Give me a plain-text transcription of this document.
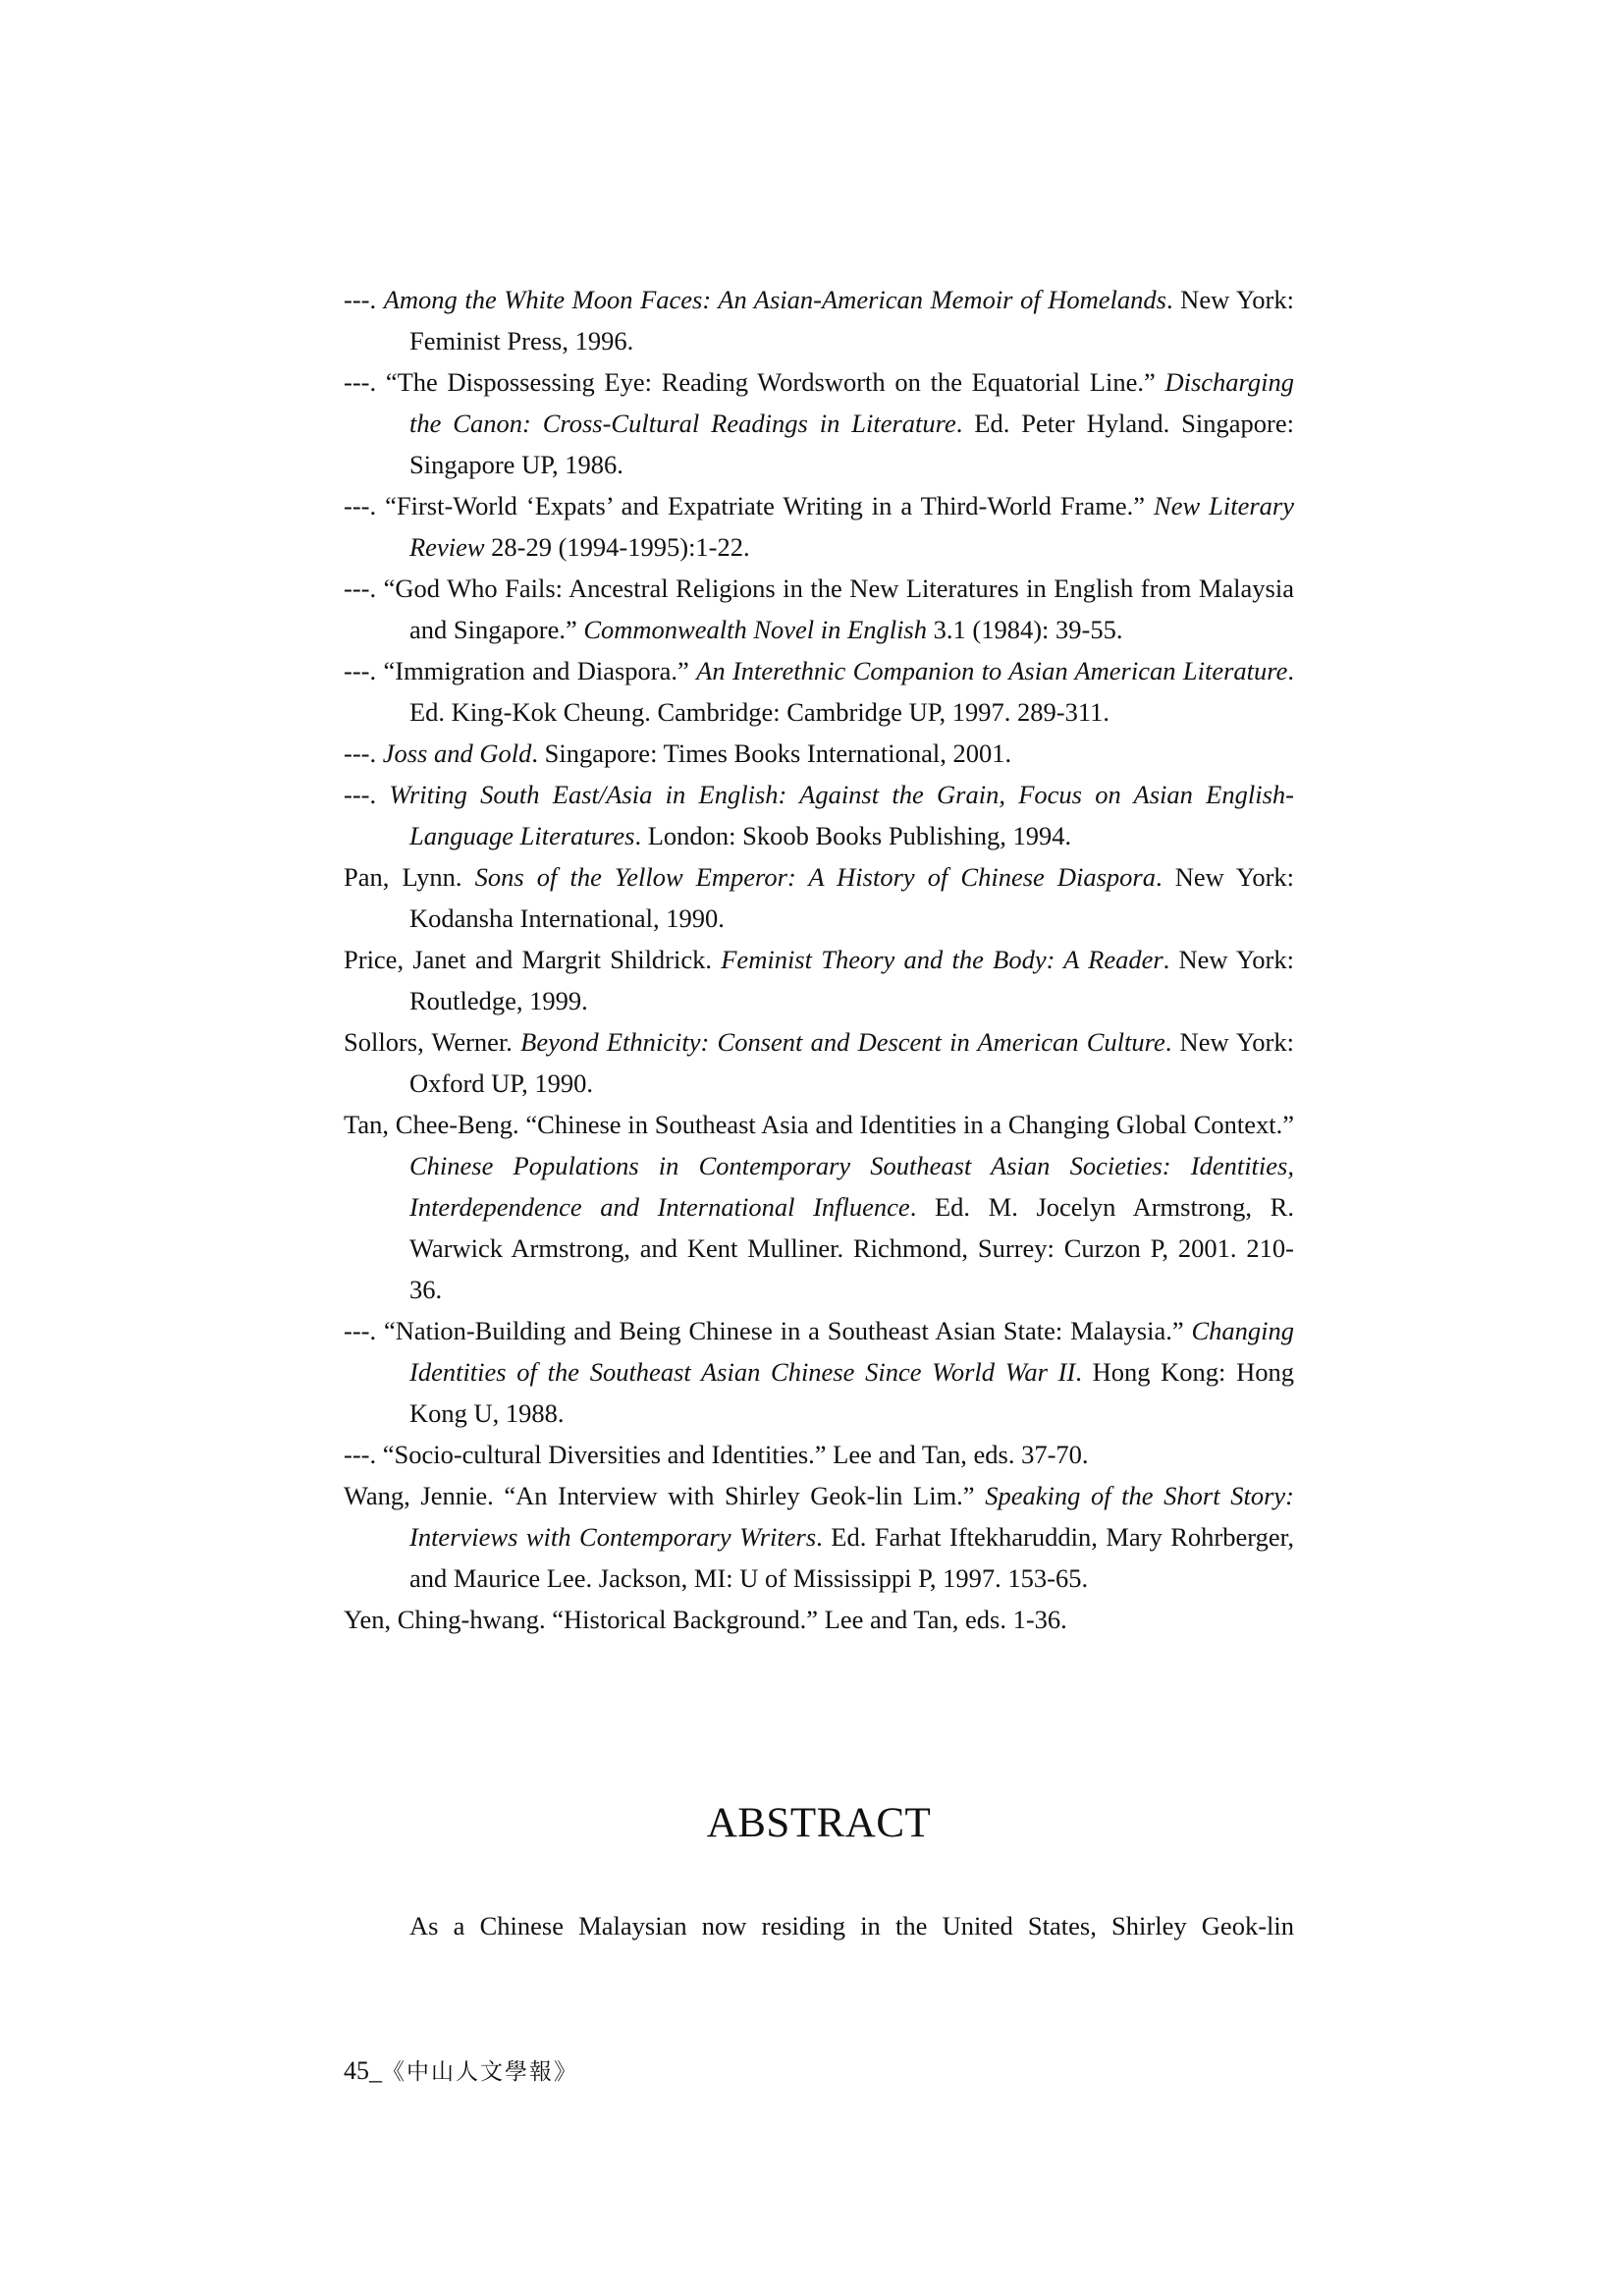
---. Among the White Moon Faces: An Asian-American Memoir of Homelands. New York: Feminist Press, 1996.
---. “The Dispossessing Eye: Reading Wordsworth on the Equatorial Line.” Discharging the Canon: Cross-Cultural Readings in Literature. Ed. Peter Hyland. Singapore: Singapore UP, 1986.
---. “First-World ‘Expats’ and Expatriate Writing in a Third-World Frame.” New Literary Review 28-29 (1994-1995):1-22.
---. “God Who Fails: Ancestral Religions in the New Literatures in English from Malaysia and Singapore.” Commonwealth Novel in English 3.1 (1984): 39-55.
---. “Immigration and Diaspora.” An Interethnic Companion to Asian American Literature. Ed. King-Kok Cheung. Cambridge: Cambridge UP, 1997. 289-311.
---. Joss and Gold. Singapore: Times Books International, 2001.
---. Writing South East/Asia in English: Against the Grain, Focus on Asian English-Language Literatures. London: Skoob Books Publishing, 1994.
Pan, Lynn. Sons of the Yellow Emperor: A History of Chinese Diaspora. New York: Kodansha International, 1990.
Price, Janet and Margrit Shildrick. Feminist Theory and the Body: A Reader. New York: Routledge, 1999.
Sollors, Werner. Beyond Ethnicity: Consent and Descent in American Culture. New York: Oxford UP, 1990.
Tan, Chee-Beng. “Chinese in Southeast Asia and Identities in a Changing Global Context.” Chinese Populations in Contemporary Southeast Asian Societies: Identities, Interdependence and International Influence. Ed. M. Jocelyn Armstrong, R. Warwick Armstrong, and Kent Mulliner. Richmond, Surrey: Curzon P, 2001. 210-36.
---. “Nation-Building and Being Chinese in a Southeast Asian State: Malaysia.” Changing Identities of the Southeast Asian Chinese Since World War II. Hong Kong: Hong Kong U, 1988.
---. “Socio-cultural Diversities and Identities.” Lee and Tan, eds. 37-70.
Wang, Jennie. “An Interview with Shirley Geok-lin Lim.” Speaking of the Short Story: Interviews with Contemporary Writers. Ed. Farhat Iftekharuddin, Mary Rohrberger, and Maurice Lee. Jackson, MI: U of Mississippi P, 1997. 153-65.
Yen, Ching-hwang. “Historical Background.” Lee and Tan, eds. 1-36.
ABSTRACT
As a Chinese Malaysian now residing in the United States, Shirley Geok-lin
45_《中山人文學報》
